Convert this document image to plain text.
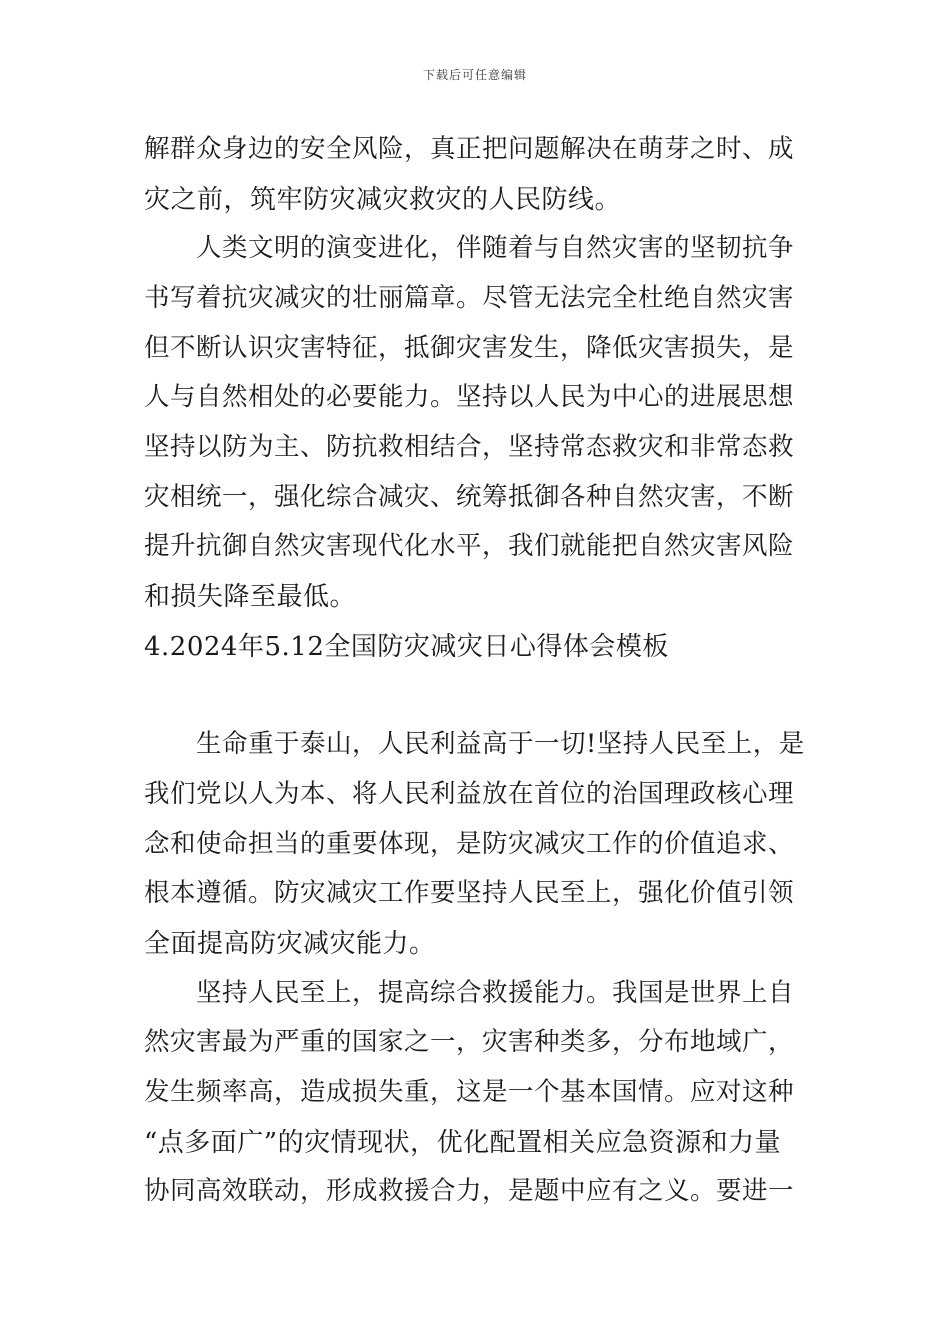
下载后可任意编辑
解群众身边的安全风险，真正把问题解决在萌芽之时、成
灾之前，筑牢防灾减灾救灾的人民防线。
　　人类文明的演变进化，伴随着与自然灾害的坚韧抗争
书写着抗灾减灾的壮丽篇章。尽管无法完全杜绝自然灾害
但不断认识灾害特征，抵御灾害发生，降低灾害损失，是
人与自然相处的必要能力。坚持以人民为中心的进展思想
坚持以防为主、防抗救相结合，坚持常态救灾和非常态救
灾相统一，强化综合减灾、统筹抵御各种自然灾害，不断
提升抗御自然灾害现代化水平，我们就能把自然灾害风险
和损失降至最低。
4.2024年5.12全国防灾减灾日心得体会模板
　　生命重于泰山，人民利益高于一切!坚持人民至上，是
我们党以人为本、将人民利益放在首位的治国理政核心理
念和使命担当的重要体现，是防灾减灾工作的价值追求、
根本遵循。防灾减灾工作要坚持人民至上，强化价值引领
全面提高防灾减灾能力。
　　坚持人民至上，提高综合救援能力。我国是世界上自
然灾害最为严重的国家之一，灾害种类多，分布地域广，
发生频率高，造成损失重，这是一个基本国情。应对这种
“点多面广”的灾情现状，优化配置相关应急资源和力量
协同高效联动，形成救援合力，是题中应有之义。要进一
